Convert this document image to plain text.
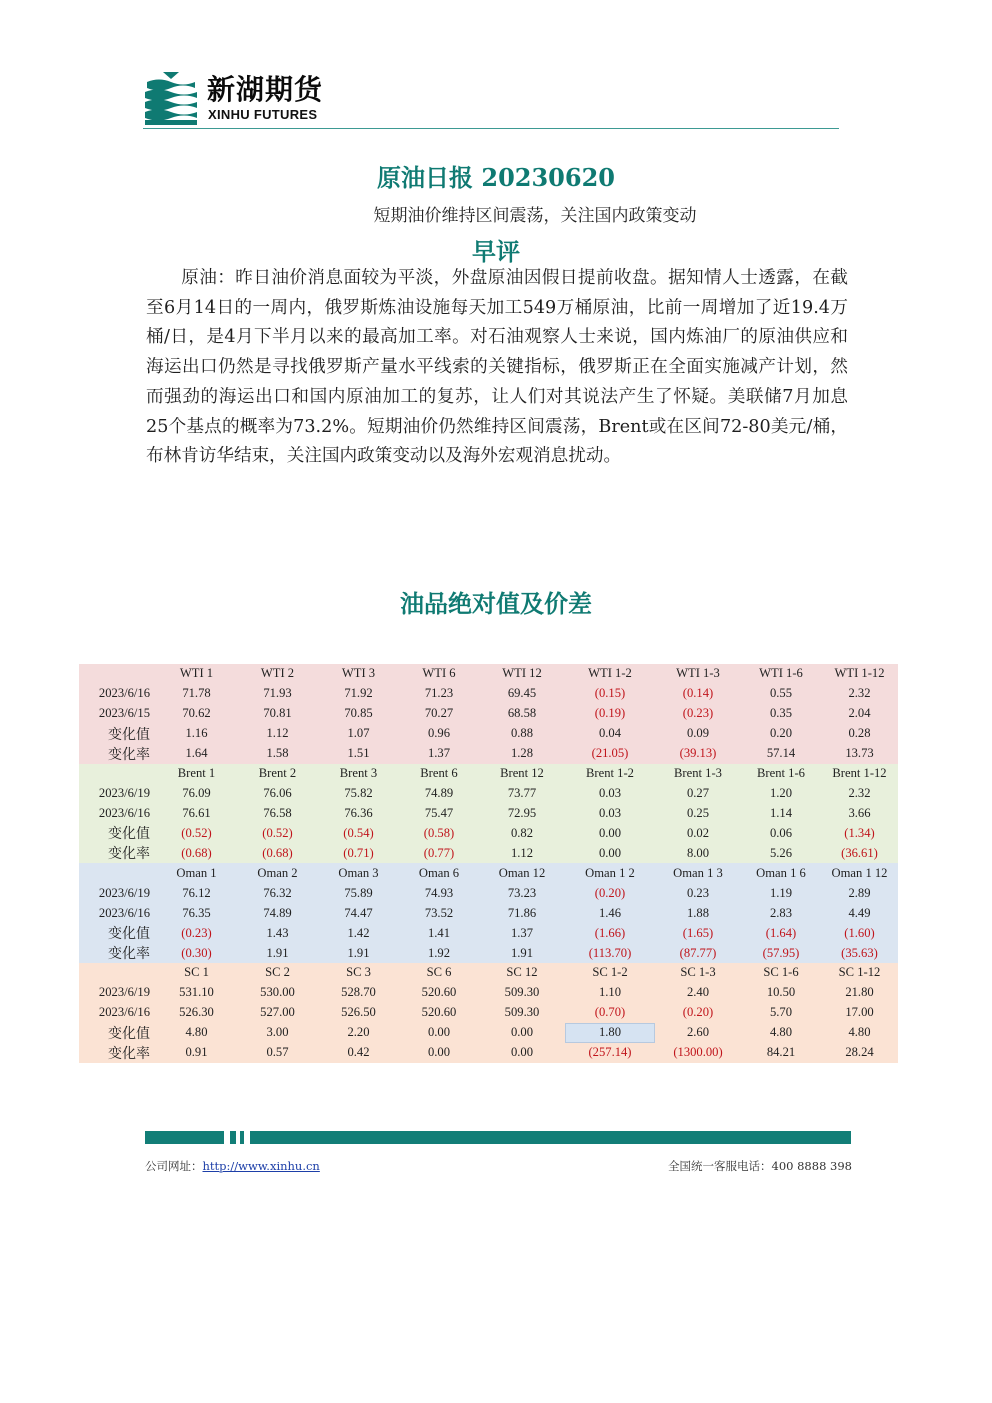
新湖期货
XINHU FUTURES
原油日报 20230620
短期油价维持区间震荡，关注国内政策变动
早评
原油：昨日油价消息面较为平淡，外盘原油因假日提前收盘。据知情人士透露，在截至6月14日的一周内，俄罗斯炼油设施每天加工549万桶原油，比前一周增加了近19.4万桶/日，是4月下半月以来的最高加工率。对石油观察人士来说，国内炼油厂的原油供应和海运出口仍然是寻找俄罗斯产量水平线索的关键指标，俄罗斯正在全面实施减产计划，然而强劲的海运出口和国内原油加工的复苏，让人们对其说法产生了怀疑。美联储7月加息25个基点的概率为73.2%。短期油价仍然维持区间震荡，Brent或在区间72-80美元/桶，布林肯访华结束，关注国内政策变动以及海外宏观消息扰动。
油品绝对值及价差
	WTI 1	WTI 2	WTI 3	WTI 6	WTI 12	WTI 1-2	WTI 1-3	WTI 1-6	WTI 1-12
2023/6/16	71.78	71.93	71.92	71.23	69.45	(0.15)	(0.14)	0.55	2.32
2023/6/15	70.62	70.81	70.85	70.27	68.58	(0.19)	(0.23)	0.35	2.04
变化值	1.16	1.12	1.07	0.96	0.88	0.04	0.09	0.20	0.28
变化率	1.64	1.58	1.51	1.37	1.28	(21.05)	(39.13)	57.14	13.73
	Brent 1	Brent 2	Brent 3	Brent 6	Brent 12	Brent 1-2	Brent 1-3	Brent 1-6	Brent 1-12
2023/6/19	76.09	76.06	75.82	74.89	73.77	0.03	0.27	1.20	2.32
2023/6/16	76.61	76.58	76.36	75.47	72.95	0.03	0.25	1.14	3.66
变化值	(0.52)	(0.52)	(0.54)	(0.58)	0.82	0.00	0.02	0.06	(1.34)
变化率	(0.68)	(0.68)	(0.71)	(0.77)	1.12	0.00	8.00	5.26	(36.61)
	Oman 1	Oman 2	Oman 3	Oman 6	Oman 12	Oman 1 2	Oman 1 3	Oman 1 6	Oman 1 12
2023/6/19	76.12	76.32	75.89	74.93	73.23	(0.20)	0.23	1.19	2.89
2023/6/16	76.35	74.89	74.47	73.52	71.86	1.46	1.88	2.83	4.49
变化值	(0.23)	1.43	1.42	1.41	1.37	(1.66)	(1.65)	(1.64)	(1.60)
变化率	(0.30)	1.91	1.91	1.92	1.91	(113.70)	(87.77)	(57.95)	(35.63)
	SC 1	SC 2	SC 3	SC 6	SC 12	SC 1-2	SC 1-3	SC 1-6	SC 1-12
2023/6/19	531.10	530.00	528.70	520.60	509.30	1.10	2.40	10.50	21.80
2023/6/16	526.30	527.00	526.50	520.60	509.30	(0.70)	(0.20)	5.70	17.00
变化值	4.80	3.00	2.20	0.00	0.00	1.80	2.60	4.80	4.80
变化率	0.91	0.57	0.42	0.00	0.00	(257.14)	(1300.00)	84.21	28.24
公司网址：http://www.xinhu.cn	全国统一客服电话：400 8888 398
